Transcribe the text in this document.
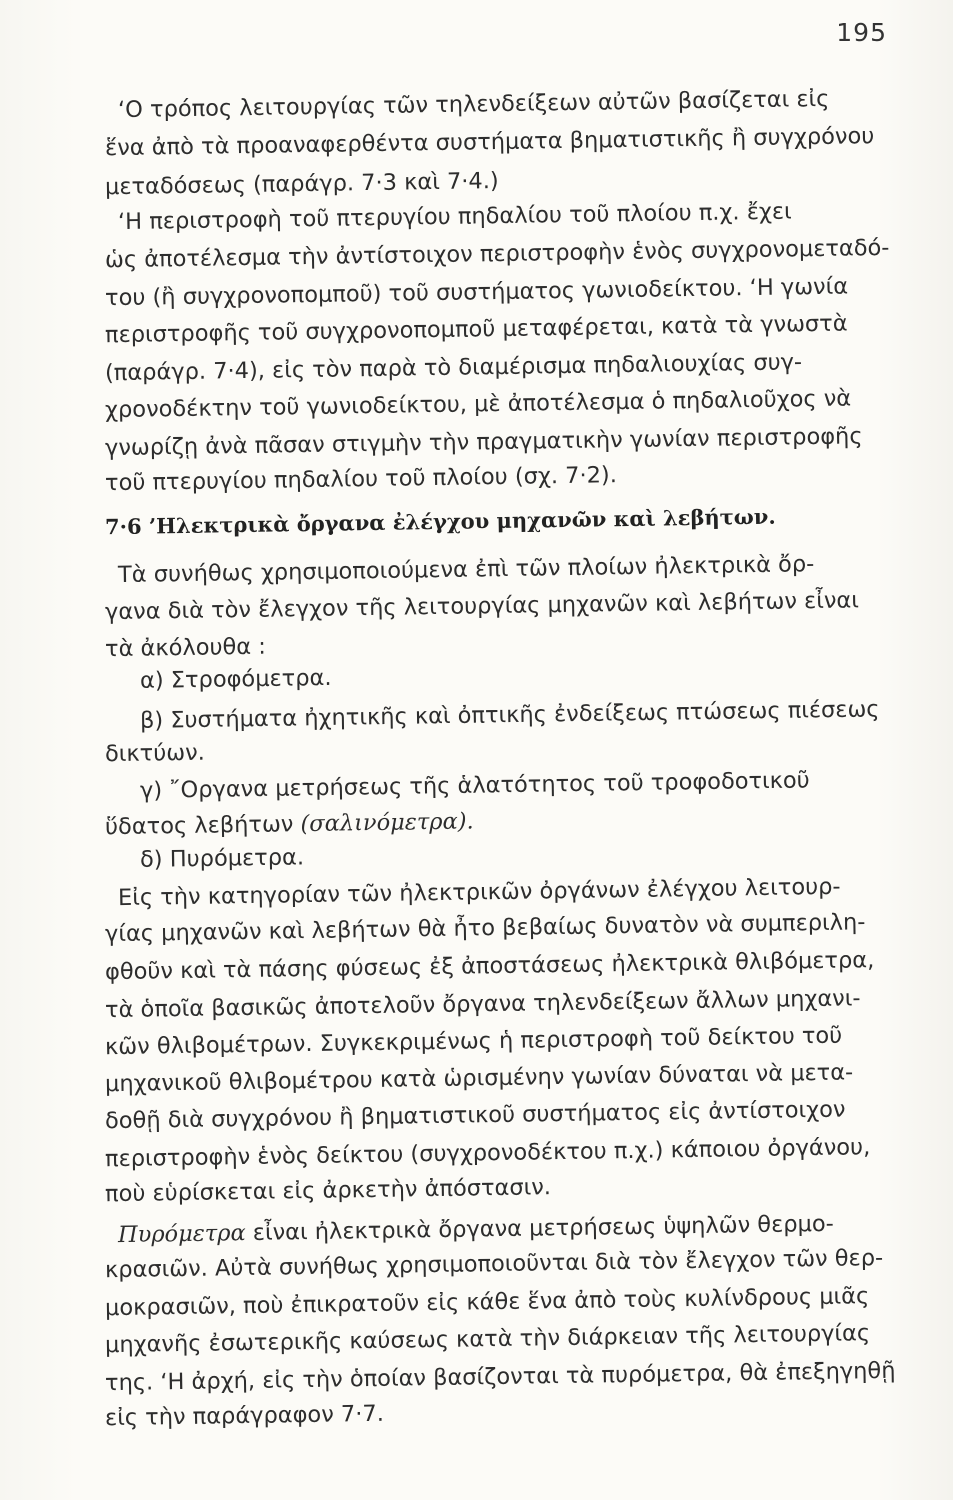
195
‘Ο τρόπος λειτουργίας τῶν τηλενδείξεων αὐτῶν βασίζεται εἰς
ἕνα ἀπὸ τὰ προαναφερθέντα συστήματα βηματιστικῆς ἢ συγχρόνου
μεταδόσεως (παράγρ. 7·3 καὶ 7·4.)
‘Η περιστροφὴ τοῦ πτερυγίου πηδαλίου τοῦ πλοίου π.χ. ἔχει
ὡς ἀποτέλεσμα τὴν ἀντίστοιχον περιστροφὴν ἑνὸς συγχρονομεταδό-
του (ἢ συγχρονοπομποῦ) τοῦ συστήματος γωνιοδείκτου. ‘Η γωνία
περιστροφῆς τοῦ συγχρονοπομποῦ μεταφέρεται, κατὰ τὰ γνωστὰ
(παράγρ. 7·4), εἰς τὸν παρὰ τὸ διαμέρισμα πηδαλιουχίας συγ-
χρονοδέκτην τοῦ γωνιοδείκτου, μὲ ἀποτέλεσμα ὁ πηδαλιοῦχος νὰ
γνωρίζῃ ἀνὰ πᾶσαν στιγμὴν τὴν πραγματικὴν γωνίαν περιστροφῆς
τοῦ πτερυγίου πηδαλίου τοῦ πλοίου (σχ. 7·2).
7·6 ’Ηλεκτρικὰ ὄργανα ἐλέγχου μηχανῶν καὶ λεβήτων.
Τὰ συνήθως χρησιμοποιούμενα ἐπὶ τῶν πλοίων ἠλεκτρικὰ ὄρ-
γανα διὰ τὸν ἔλεγχον τῆς λειτουργίας μηχανῶν καὶ λεβήτων εἶναι
τὰ ἀκόλουθα :
α) Στροφόμετρα.
β) Συστήματα ἠχητικῆς καὶ ὀπτικῆς ἐνδείξεως πτώσεως πιέσεως
δικτύων.
γ) ῎Οργανα μετρήσεως τῆς ἁλατότητος τοῦ τροφοδοτικοῦ
ὕδατος λεβήτων (σαλινόμετρα).
δ) Πυρόμετρα.
Εἰς τὴν κατηγορίαν τῶν ἠλεκτρικῶν ὀργάνων ἐλέγχου λειτουρ-
γίας μηχανῶν καὶ λεβήτων θὰ ἦτο βεβαίως δυνατὸν νὰ συμπεριλη-
φθοῦν καὶ τὰ πάσης φύσεως ἐξ ἀποστάσεως ἠλεκτρικὰ θλιβόμετρα,
τὰ ὁποῖα βασικῶς ἀποτελοῦν ὄργανα τηλενδείξεων ἄλλων μηχανι-
κῶν θλιβομέτρων. Συγκεκριμένως ἡ περιστροφὴ τοῦ δείκτου τοῦ
μηχανικοῦ θλιβομέτρου κατὰ ὡρισμένην γωνίαν δύναται νὰ μετα-
δοθῇ διὰ συγχρόνου ἢ βηματιστικοῦ συστήματος εἰς ἀντίστοιχον
περιστροφὴν ἑνὸς δείκτου (συγχρονοδέκτου π.χ.) κάποιου ὀργάνου,
ποὺ εὑρίσκεται εἰς ἀρκετὴν ἀπόστασιν.
Πυρόμετρα εἶναι ἠλεκτρικὰ ὄργανα μετρήσεως ὑψηλῶν θερμο-
κρασιῶν. Αὐτὰ συνήθως χρησιμοποιοῦνται διὰ τὸν ἔλεγχον τῶν θερ-
μοκρασιῶν, ποὺ ἐπικρατοῦν εἰς κάθε ἕνα ἀπὸ τοὺς κυλίνδρους μιᾶς
μηχανῆς ἐσωτερικῆς καύσεως κατὰ τὴν διάρκειαν τῆς λειτουργίας
της. ‘Η ἀρχή, εἰς τὴν ὁποίαν βασίζονται τὰ πυρόμετρα, θὰ ἐπεξηγηθῇ
εἰς τὴν παράγραφον 7·7.
